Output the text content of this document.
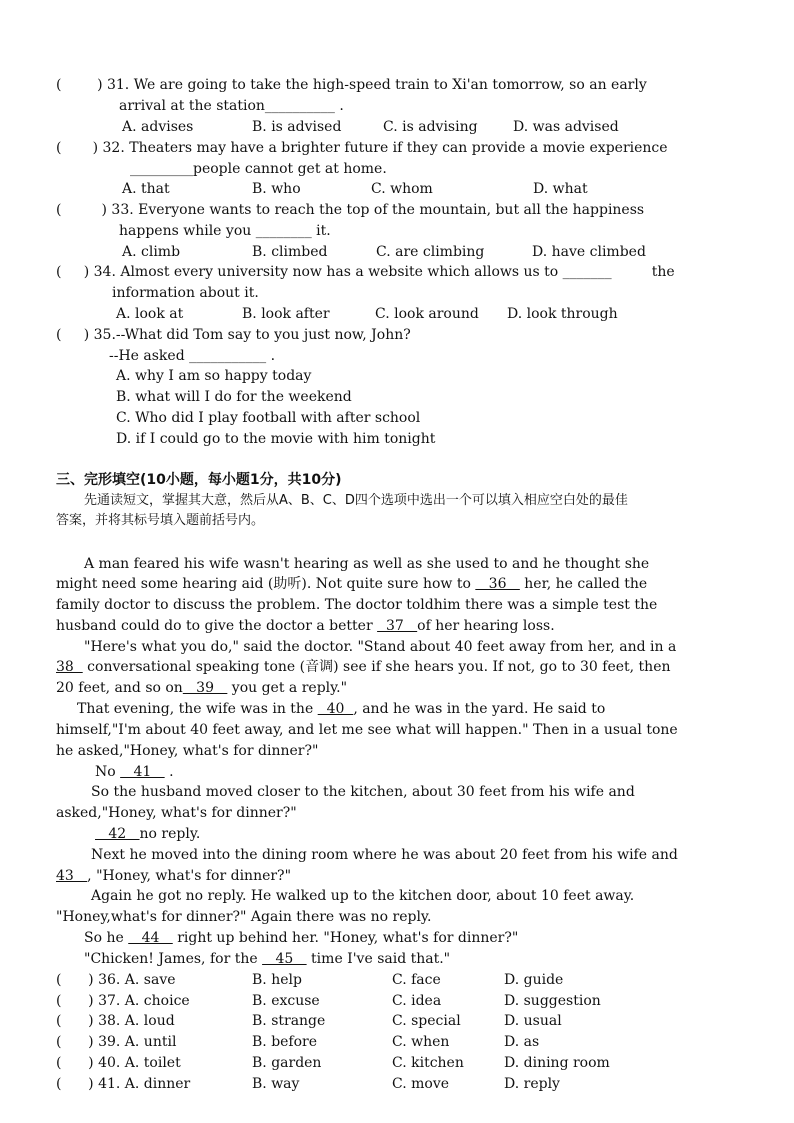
(        ) 31. We are going to take the high-speed train to Xi'an tomorrow, so an early
arrival at the station__________ .
A. advises	B. is advised	C. is advising	D. was advised
(       ) 32. Theaters may have a brighter future if they can provide a movie experience
_________people cannot get at home.
A. that	B. who	C. whom	D. what
(         ) 33. Everyone wants to reach the top of the mountain, but all the happiness
happens while you ________ it.
A. climb	B. climbed	C. are climbing	D. have climbed
(     ) 34. Almost every university now has a website which allows us to _______         the
information about it.
A. look at	B. look after	C. look around D. look through
(     ) 35.--What did Tom say to you just now, John?
--He asked ___________ .
A. why I am so happy today
B. what will I do for the weekend
C. Who did I play football with after school
D. if I could go to the movie with him tonight
三、完形填空(10小题，每小题1分，共10分)
先通读短文，掌握其大意，然后从A、B、C、D四个选项中选出一个可以填入相应空白处的最佳
答案，并将其标号填入题前括号内。
A man feared his wife wasn't hearing as well as she used to and he thought she
might need some hearing aid (助听). Not quite sure how to    36    her, he called the
family doctor to discuss the problem. The doctor toldhim there was a simple test the
husband could do to give the doctor a better   37   of her hearing loss.
"Here's what you do," said the doctor. "Stand about 40 feet away from her, and in a
38   conversational speaking tone (音调) see if she hears you. If not, go to 30 feet, then
20 feet, and so on   39    you get a reply."
That evening, the wife was in the   40  , and he was in the yard. He said to
himself,"I'm about 40 feet away, and let me see what will happen." Then in a usual tone
he asked,"Honey, what's for dinner?"
No    41    .
So the husband moved closer to the kitchen, about 30 feet from his wife and
asked,"Honey, what's for dinner?"
42   no reply.
Next he moved into the dining room where he was about 20 feet from his wife and
43   , "Honey, what's for dinner?"
Again he got no reply. He walked up to the kitchen door, about 10 feet away.
"Honey,what's for dinner?" Again there was no reply.
So he    44    right up behind her. "Honey, what's for dinner?"
"Chicken! James, for the    45    time I've said that."
(      ) 36. A. save	B. help	C. face	D. guide
(      ) 37. A. choice	B. excuse	C. idea	D. suggestion
(      ) 38. A. loud	B. strange	C. special	D. usual
(      ) 39. A. until	B. before	C. when	D. as
(      ) 40. A. toilet	B. garden	C. kitchen	D. dining room
(      ) 41. A. dinner	B. way	C. move	D. reply
